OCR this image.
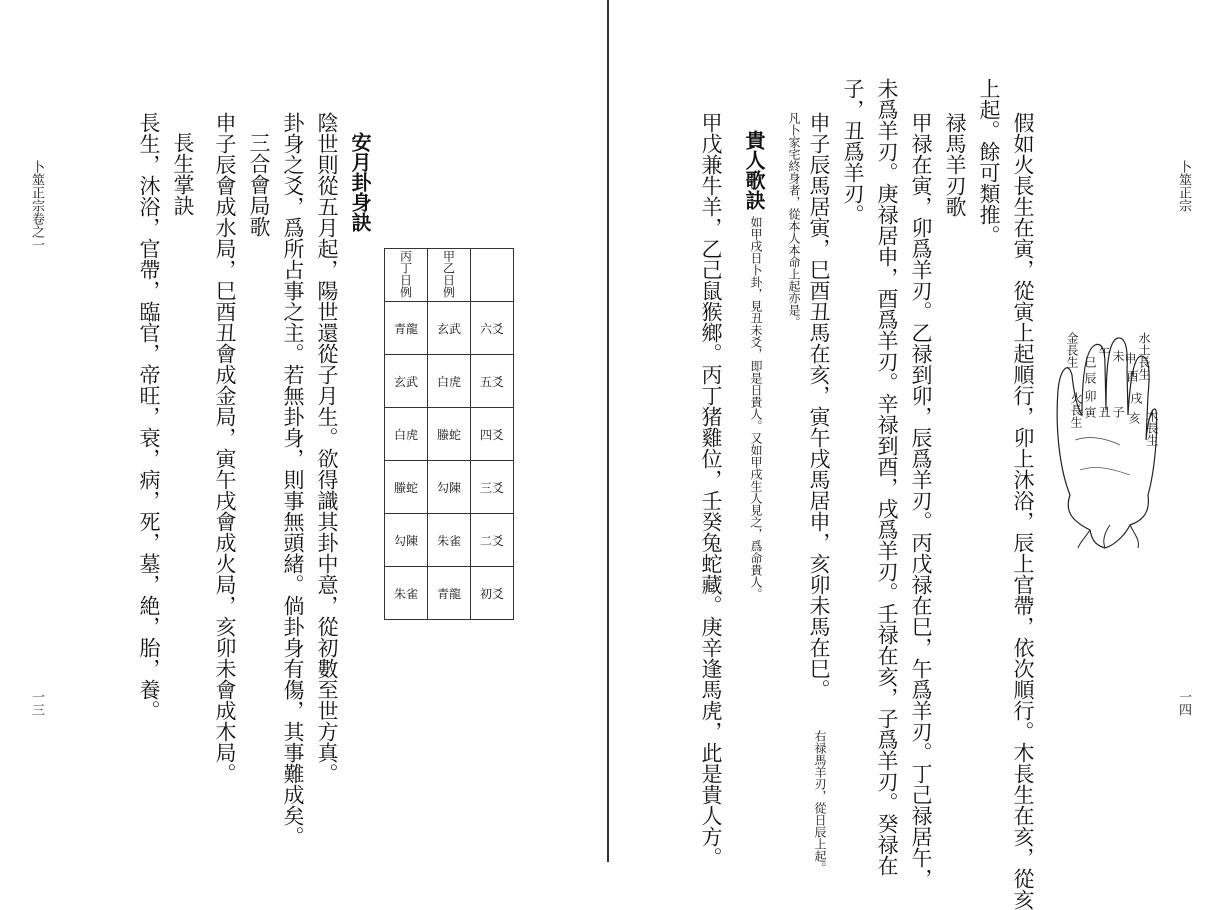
卜筮正宗
一四
假如火長生在寅，從寅上起順行，卯上沐浴，辰上官帶，依次順行。木長生在亥，從亥
上起。餘可類推。
禄馬羊刃歌
甲禄在寅，卯爲羊刃。乙禄到卯，辰爲羊刃。丙戊禄在巳，午爲羊刃。丁己禄居午，
未爲羊刃。庚禄居申，酉爲羊刃。辛禄到酉，戌爲羊刃。壬禄在亥，子爲羊刃。癸禄在
子，丑爲羊刃。
申子辰馬居寅，巳酉丑馬在亥，寅午戌馬居申，亥卯未馬在巳。
右禄馬羊刃，從日辰上起。
凡卜家宅終身者，從本人本命上起亦是。
貴人歌訣
如甲戌日卜卦，見丑未爻，即是日貴人。又如甲戌生人見之，爲命貴人。
甲戊兼牛羊，乙己鼠猴鄉。丙丁猪雞位，壬癸兔蛇藏。庚辛逢馬虎，此是貴人方。	水土長生
申
酉
戌
亥 木長生
子
丑
未
午
巳
辰
卯
寅
火長生
金長生
卜筮正宗卷之一
一三
安月卦身訣
陰世則從五月起，陽世還從子月生。欲得識其卦中意，從初數至世方真。
卦身之爻，爲所占事之主。若無卦身，則事無頭緒。倘卦身有傷，其事難成矣。
三合會局歌
申子辰會成水局，巳酉丑會成金局，寅午戌會成火局，亥卯未會成木局。
長生掌訣
長生，沐浴，官帶，臨官，帝旺，衰，病，死，墓，絶，胎，養。
		甲乙日例	丙丁日例
六爻	玄武	青龍
五爻	白虎	玄武
四爻	螣蛇	白虎
三爻	勾陳	螣蛇
二爻	朱雀	勾陳
初爻	青龍	朱雀
